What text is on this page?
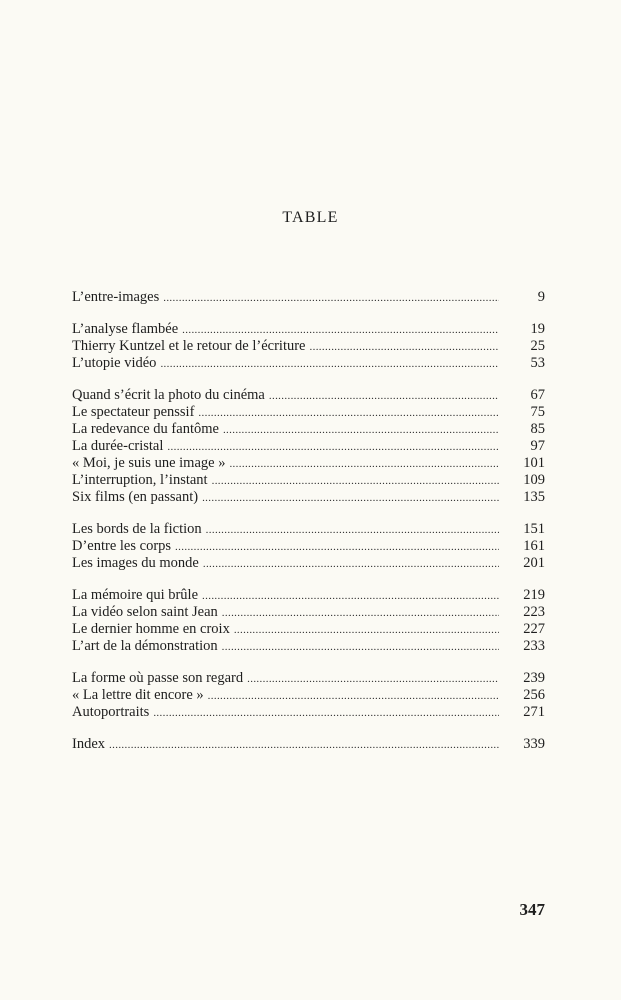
TABLE
L’entre-images . . .	9
L’analyse flambée . . .	19
Thierry Kuntzel et le retour de l’écriture . . .	25
L’utopie vidéo . . .	53
Quand s’écrit la photo du cinéma . . .	67
Le spectateur penssif . . .	75
La redevance du fantôme . . .	85
La durée-cristal . . .	97
« Moi, je suis une image » . . .	101
L’interruption, l’instant . . .	109
Six films (en passant) . . .	135
Les bords de la fiction . . .	151
D’entre les corps . . .	161
Les images du monde . . .	201
La mémoire qui brûle . . .	219
La vidéo selon saint Jean . . .	223
Le dernier homme en croix . . .	227
L’art de la démonstration . . .	233
La forme où passe son regard . . .	239
« La lettre dit encore » . . .	256
Autoportraits . . .	271
Index . . .	339
347
